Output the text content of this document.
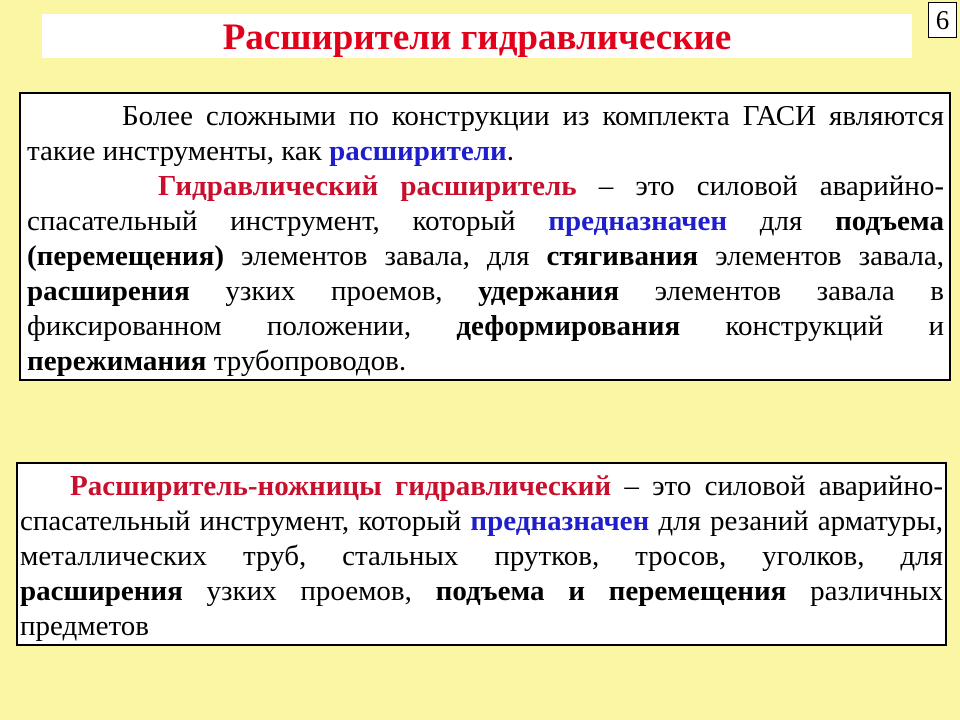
Расширители гидравлические	6
Более сложными по конструкции из комплекта ГАСИ являются
такие инструменты, как расширители.
Гидравлический расширитель – это силовой аварийно-
спасательный инструмент, который предназначен для подъема
(перемещения) элементов завала, для стягивания элементов завала,
расширения узких проемов, удержания элементов завала в
фиксированном положении, деформирования конструкций и
пережимания трубопроводов.
Расширитель-ножницы гидравлический – это силовой аварийно-
спасательный инструмент, который предназначен для резаний арматуры,
металлических труб, стальных прутков, тросов, уголков, для
расширения узких проемов, подъема и перемещения различных
предметов
